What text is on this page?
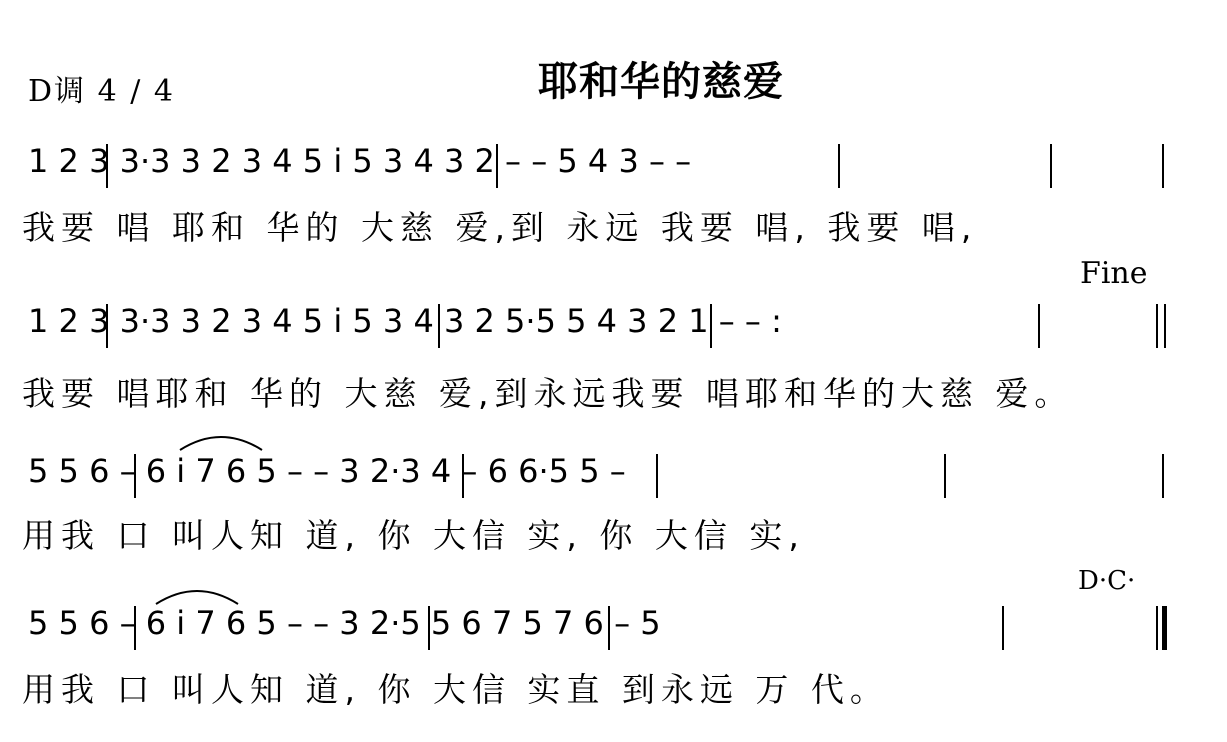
D调 4 / 4	耶和华的慈爱
1 2 3 3·3 3 2 3 4 5 i 5 3 4 3 2 – – 5 4 3 – –
我要 唱 耶和 华的 大慈 爱,到 永远 我要 唱, 我要 唱,
Fine
1 2 3 3·3 3 2 3 4 5 i 5 3 4 3 2 5·5 5 4 3 2 1 – – :
我要 唱耶和 华的 大慈 爱,到永远我要 唱耶和华的大慈 爱。
5 5 6 – 6 i 7 6 5 – – 3 2·3 4 – 6 6·5 5 –
用我 口 叫人知 道, 你 大信 实, 你 大信 实,
D·C·
5 5 6 – 6 i 7 6 5 – – 3 2·5 5 6 7 5 7 6 – 5
用我 口 叫人知 道, 你 大信 实直 到永远 万 代。
